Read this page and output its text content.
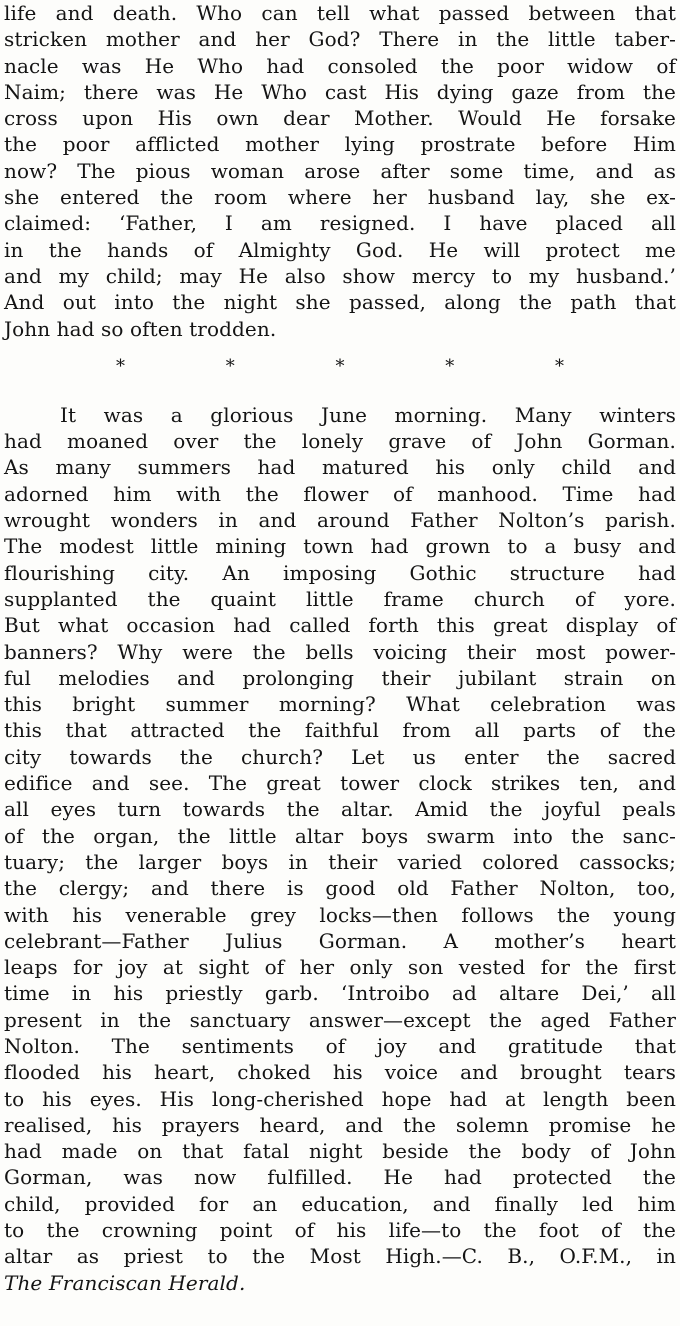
life and death. Who can tell what passed between that
stricken mother and her God? There in the little taber-
nacle was He Who had consoled the poor widow of
Naim; there was He Who cast His dying gaze from the
cross upon His own dear Mother. Would He forsake
the poor afflicted mother lying prostrate before Him
now? The pious woman arose after some time, and as
she entered the room where her husband lay, she ex-
claimed: ‘Father, I am resigned. I have placed all
in the hands of Almighty God. He will protect me
and my child; may He also show mercy to my husband.’
And out into the night she passed, along the path that
John had so often trodden.
*	*	*	*	*
It was a glorious June morning. Many winters
had moaned over the lonely grave of John Gorman.
As many summers had matured his only child and
adorned him with the flower of manhood. Time had
wrought wonders in and around Father Nolton’s parish.
The modest little mining town had grown to a busy and
flourishing city. An imposing Gothic structure had
supplanted the quaint little frame church of yore.
But what occasion had called forth this great display of
banners? Why were the bells voicing their most power-
ful melodies and prolonging their jubilant strain on
this bright summer morning? What celebration was
this that attracted the faithful from all parts of the
city towards the church? Let us enter the sacred
edifice and see. The great tower clock strikes ten, and
all eyes turn towards the altar. Amid the joyful peals
of the organ, the little altar boys swarm into the sanc-
tuary; the larger boys in their varied colored cassocks;
the clergy; and there is good old Father Nolton, too,
with his venerable grey locks—then follows the young
celebrant—Father Julius Gorman. A mother’s heart
leaps for joy at sight of her only son vested for the first
time in his priestly garb. ‘Introibo ad altare Dei,’ all
present in the sanctuary answer—except the aged Father
Nolton. The sentiments of joy and gratitude that
flooded his heart, choked his voice and brought tears
to his eyes. His long-cherished hope had at length been
realised, his prayers heard, and the solemn promise he
had made on that fatal night beside the body of John
Gorman, was now fulfilled. He had protected the
child, provided for an education, and finally led him
to the crowning point of his life—to the foot of the
altar as priest to the Most High.—C. B., O.F.M., in
The Franciscan Herald.
